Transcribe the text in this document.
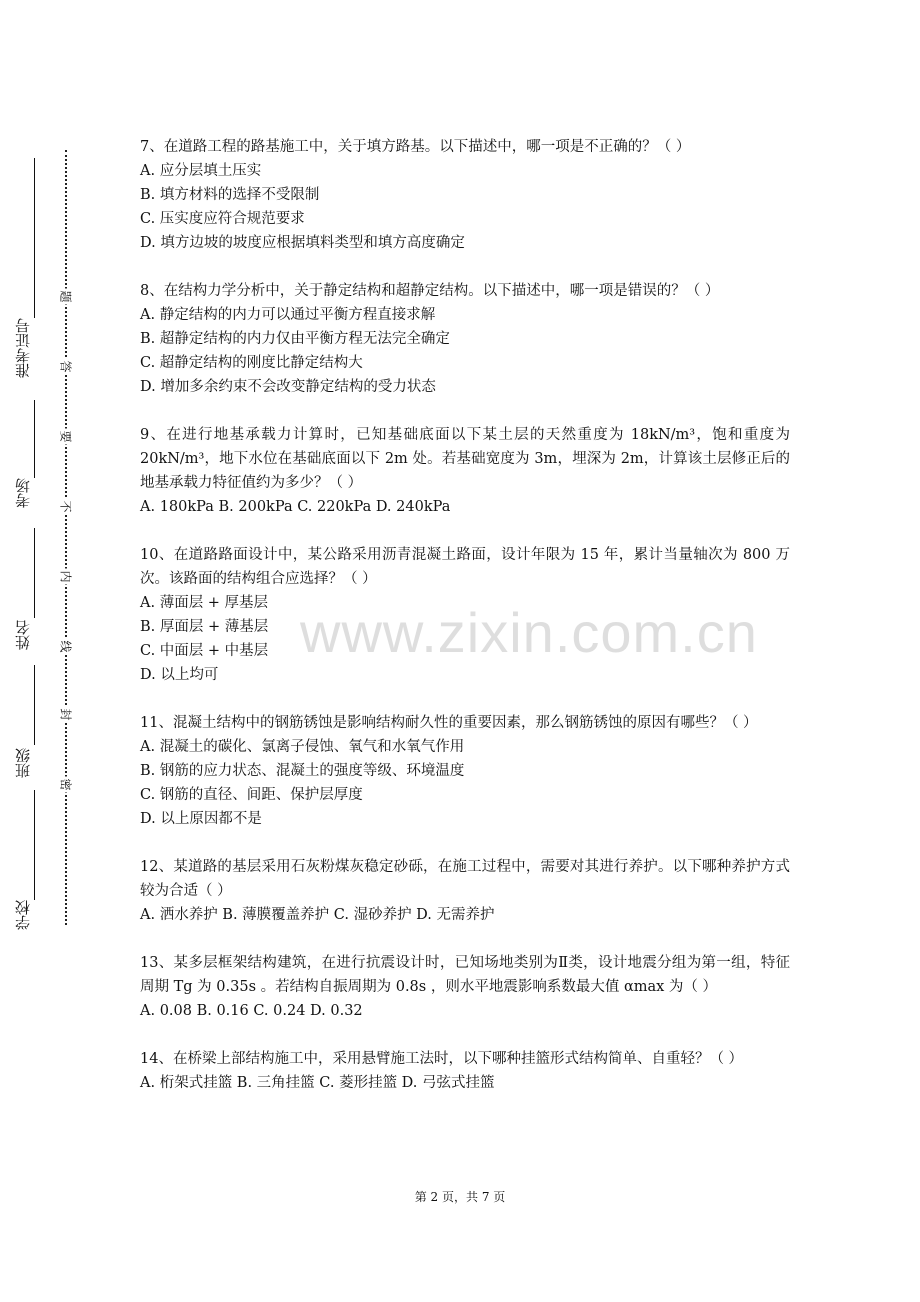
学校
班级
姓名
考场
准考证号
题
答
要
不
内
线
封
密

7、在道路工程的路基施工中，关于填方路基。以下描述中，哪一项是不正确的？（ ）

A. 应分层填土压实

B. 填方材料的选择不受限制

C. 压实度应符合规范要求

D. 填方边坡的坡度应根据填料类型和填方高度确定

8、在结构力学分析中，关于静定结构和超静定结构。以下描述中，哪一项是错误的？（ ）

A. 静定结构的内力可以通过平衡方程直接求解

B. 超静定结构的内力仅由平衡方程无法完全确定

C. 超静定结构的刚度比静定结构大

D. 增加多余约束不会改变静定结构的受力状态

9、在进行地基承载力计算时，已知基础底面以下某土层的天然重度为 18kN/m³，饱和重度为 20kN/m³，地下水位在基础底面以下 2m 处。若基础宽度为 3m，埋深为 2m，计算该土层修正后的地基承载力特征值约为多少？（ ）

A. 180kPa B. 200kPa C. 220kPa D. 240kPa

10、在道路路面设计中，某公路采用沥青混凝土路面，设计年限为 15 年，累计当量轴次为 800 万次。该路面的结构组合应选择？（ ）

A. 薄面层 + 厚基层

B. 厚面层 + 薄基层

C. 中面层 + 中基层

D. 以上均可

11、混凝土结构中的钢筋锈蚀是影响结构耐久性的重要因素，那么钢筋锈蚀的原因有哪些？（ ）

A. 混凝土的碳化、氯离子侵蚀、氧气和水氧气作用

B. 钢筋的应力状态、混凝土的强度等级、环境温度

C. 钢筋的直径、间距、保护层厚度

D. 以上原因都不是

12、某道路的基层采用石灰粉煤灰稳定砂砾，在施工过程中，需要对其进行养护。以下哪种养护方式较为合适（ ）

A. 洒水养护 B. 薄膜覆盖养护 C. 湿砂养护 D. 无需养护

13、某多层框架结构建筑，在进行抗震设计时，已知场地类别为Ⅱ类，设计地震分组为第一组，特征周期 Tg 为 0.35s 。若结构自振周期为 0.8s ，则水平地震影响系数最大值 αmax 为（ ）

A. 0.08 B. 0.16 C. 0.24 D. 0.32

14、在桥梁上部结构施工中，采用悬臂施工法时，以下哪种挂篮形式结构简单、自重轻？（ ）

A. 桁架式挂篮 B. 三角挂篮 C. 菱形挂篮 D. 弓弦式挂篮

www.zixin.com.cn
第 2 页，共 7 页
